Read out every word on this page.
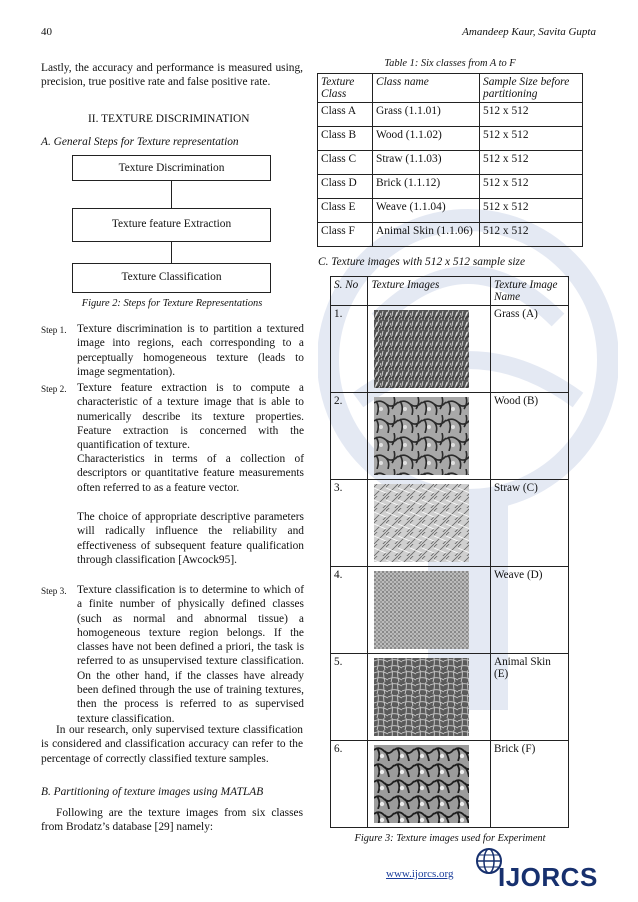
40	Amandeep Kaur, Savita Gupta

Lastly, the accuracy and performance is measured using, precision, true positive rate and false positive rate.

II. TEXTURE DISCRIMINATION

A. General Steps for Texture representation

Texture Discrimination
Texture feature Extraction
Texture Classification
Figure 2: Steps for Texture Representations
Step 1. Texture discrimination is to partition a textured image into regions, each corresponding to a perceptually homogeneous texture (leads to image segmentation).

Step 2. Texture feature extraction is to compute a characteristic of a texture image that is able to numerically describe its texture properties. Feature extraction is concerned with the quantification of texture.

Characteristics in terms of a collection of descriptors or quantitative feature measurements often referred to as a feature vector.

The choice of appropriate descriptive parameters will radically influence the reliability and effectiveness of subsequent feature qualification through classification [Awcock95].

Step 3. Texture classification is to determine to which of a finite number of physically defined classes (such as normal and abnormal tissue) a homogeneous texture region belongs. If the classes have not been defined a priori, the task is referred to as unsupervised texture classification. On the other hand, if the classes have already been defined through the use of training textures, then the process is referred to as supervised texture classification.

In our research, only supervised texture classification is considered and classification accuracy can refer to the percentage of correctly classified texture samples.

B. Partitioning of texture images using MATLAB

Following are the texture images from six classes from Brodatz’s database [29] namely:

Table 1: Six classes from A to F
Texture Class	Class name	Sample Size before partitioning
Class A	Grass (1.1.01)	512 x 512
Class B	Wood (1.1.02)	512 x 512
Class C	Straw (1.1.03)	512 x 512
Class D	Brick (1.1.12)	512 x 512
Class E	Weave (1.1.04)	512 x 512
Class F	Animal Skin (1.1.06)	512 x 512

C. Texture images with 512 x 512 sample size

S. No	Texture Images	Texture Image Name
1.		Grass (A)
2.		Wood (B)
3.		Straw (C)
4.		Weave (D)
5.		Animal Skin (E)
6.		Brick (F)
Figure 3: Texture images used for Experiment
www.ijorcs.org IJORCS
